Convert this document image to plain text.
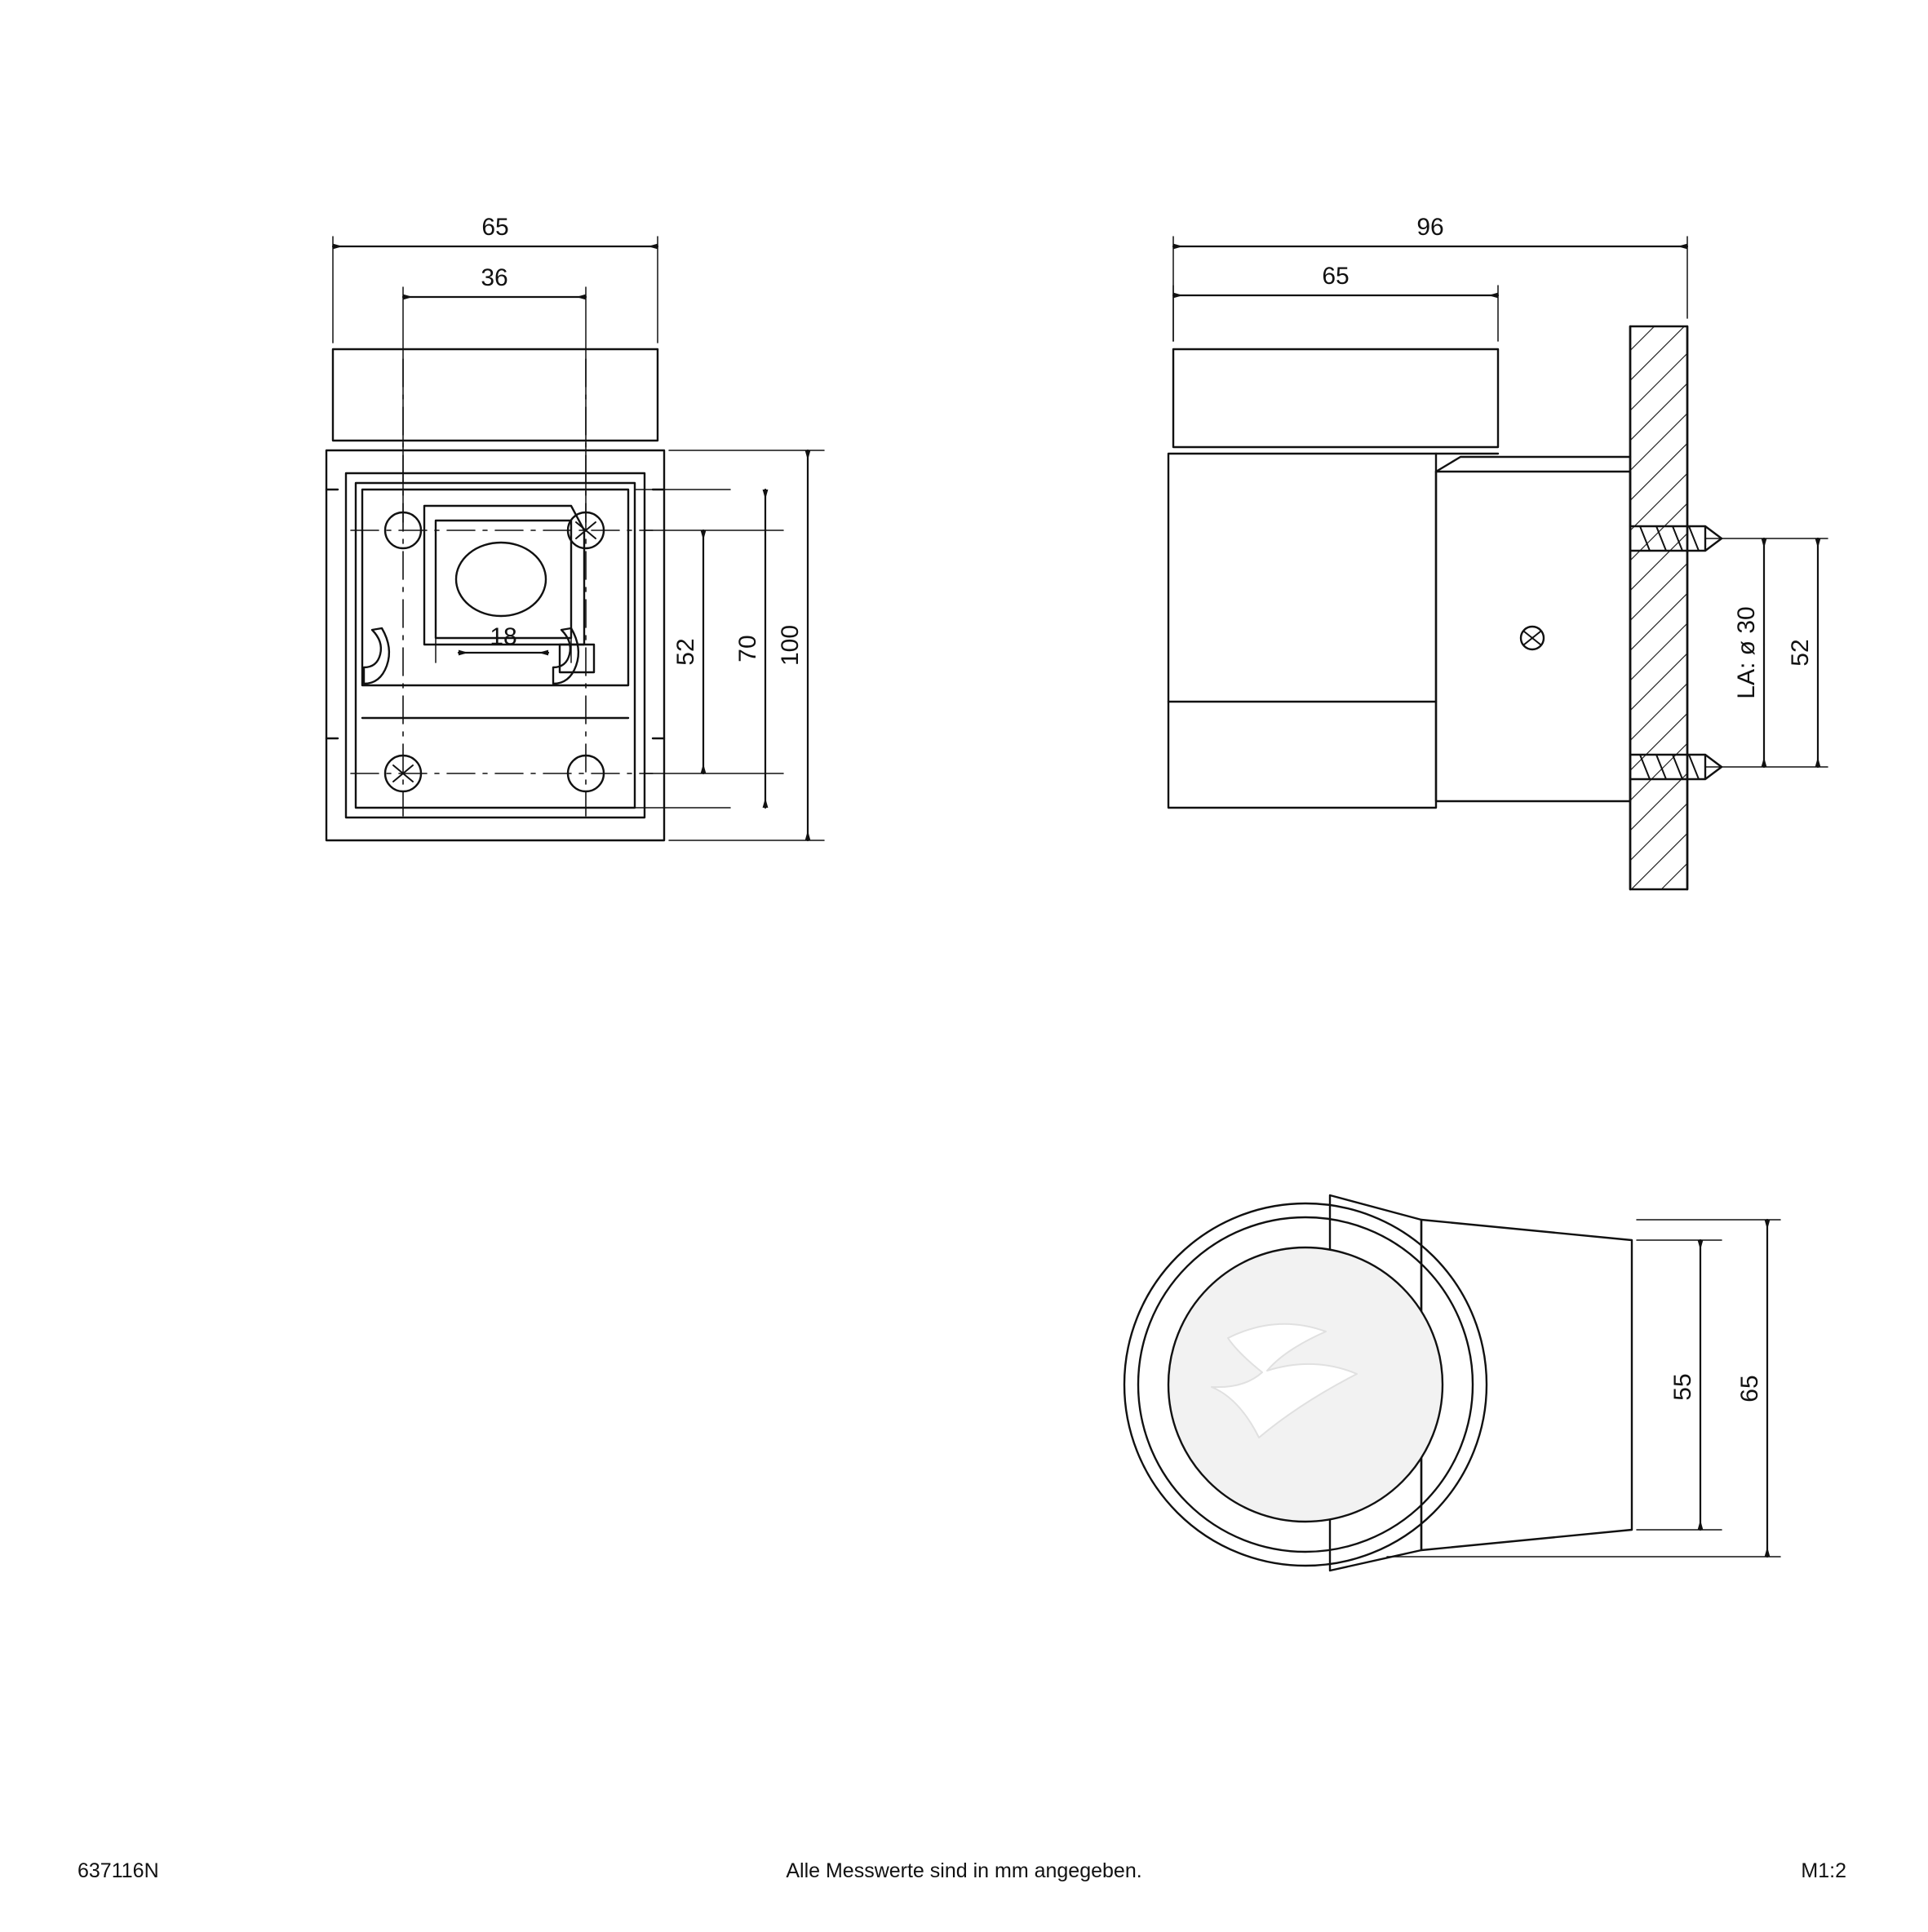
65
36
18	100
70
52
96
65
LA: ø 30 52
55 65
637116N	Alle Messwerte sind in mm angegeben.	M1:2
